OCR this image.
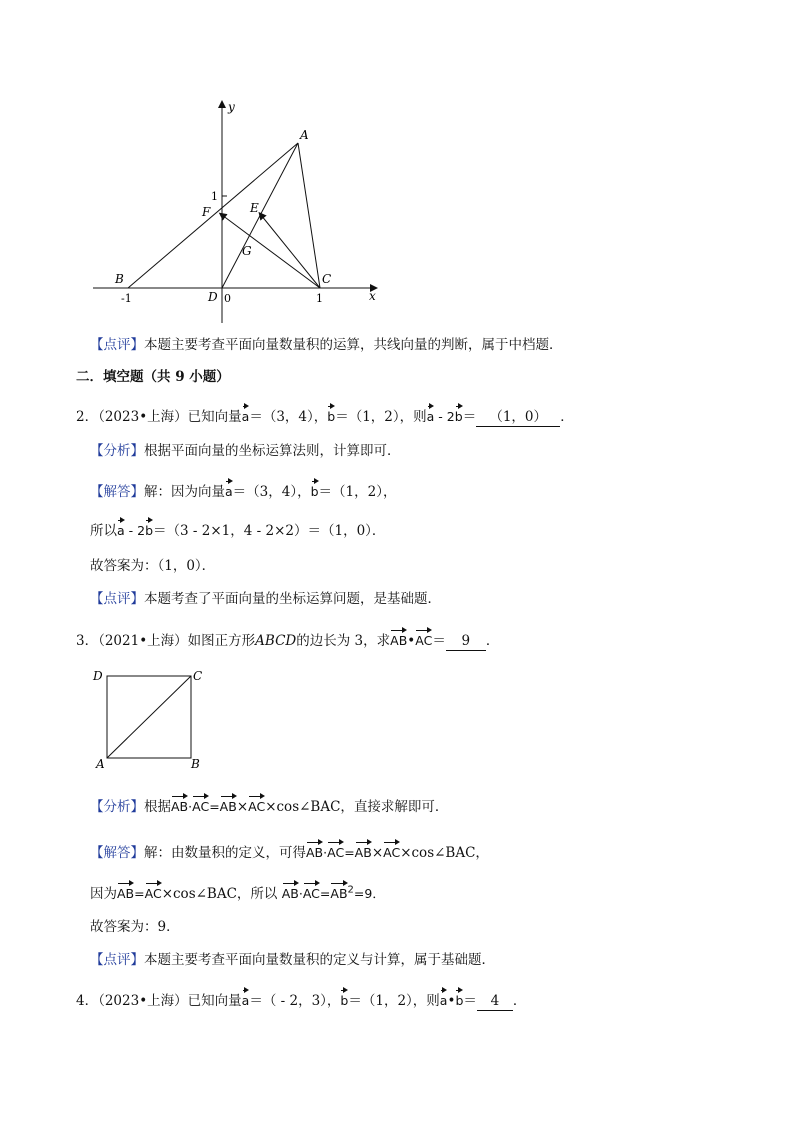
y
x
A
B	C
D
E
F
G
1
-1	0	1
【点评】本题主要考查平面向量数量积的运算，共线向量的判断，属于中档题．
二．填空题（共 9 小题）
2．（2023•上海）已知向量a＝（3，4），b＝（1，2），则a - 2b＝ （1，0） ．
【分析】根据平面向量的坐标运算法则，计算即可．
【解答】解：因为向量a＝（3，4），b＝（1，2），
所以a - 2b＝（3 - 2×1，4 - 2×2）＝（1，0）．
故答案为：（1，0）．
【点评】本题考查了平面向量的坐标运算问题，是基础题．
3．（2021•上海）如图正方形ABCD的边长为 3，求AB•AC＝ 9 ．
D	C
A	B
【分析】根据AB·AC=AB×AC×cos∠BAC，直接求解即可．
【解答】解：由数量积的定义，可得AB·AC=AB×AC×cos∠BAC，
因为AB=AC×cos∠BAC，所以 $AB\cdot AC=AB^2=9$．
故答案为：9．
【点评】本题主要考查平面向量数量积的定义与计算，属于基础题．
4．（2023•上海）已知向量a＝（ - 2，3），b＝（1，2），则a•b＝ 4 ．
